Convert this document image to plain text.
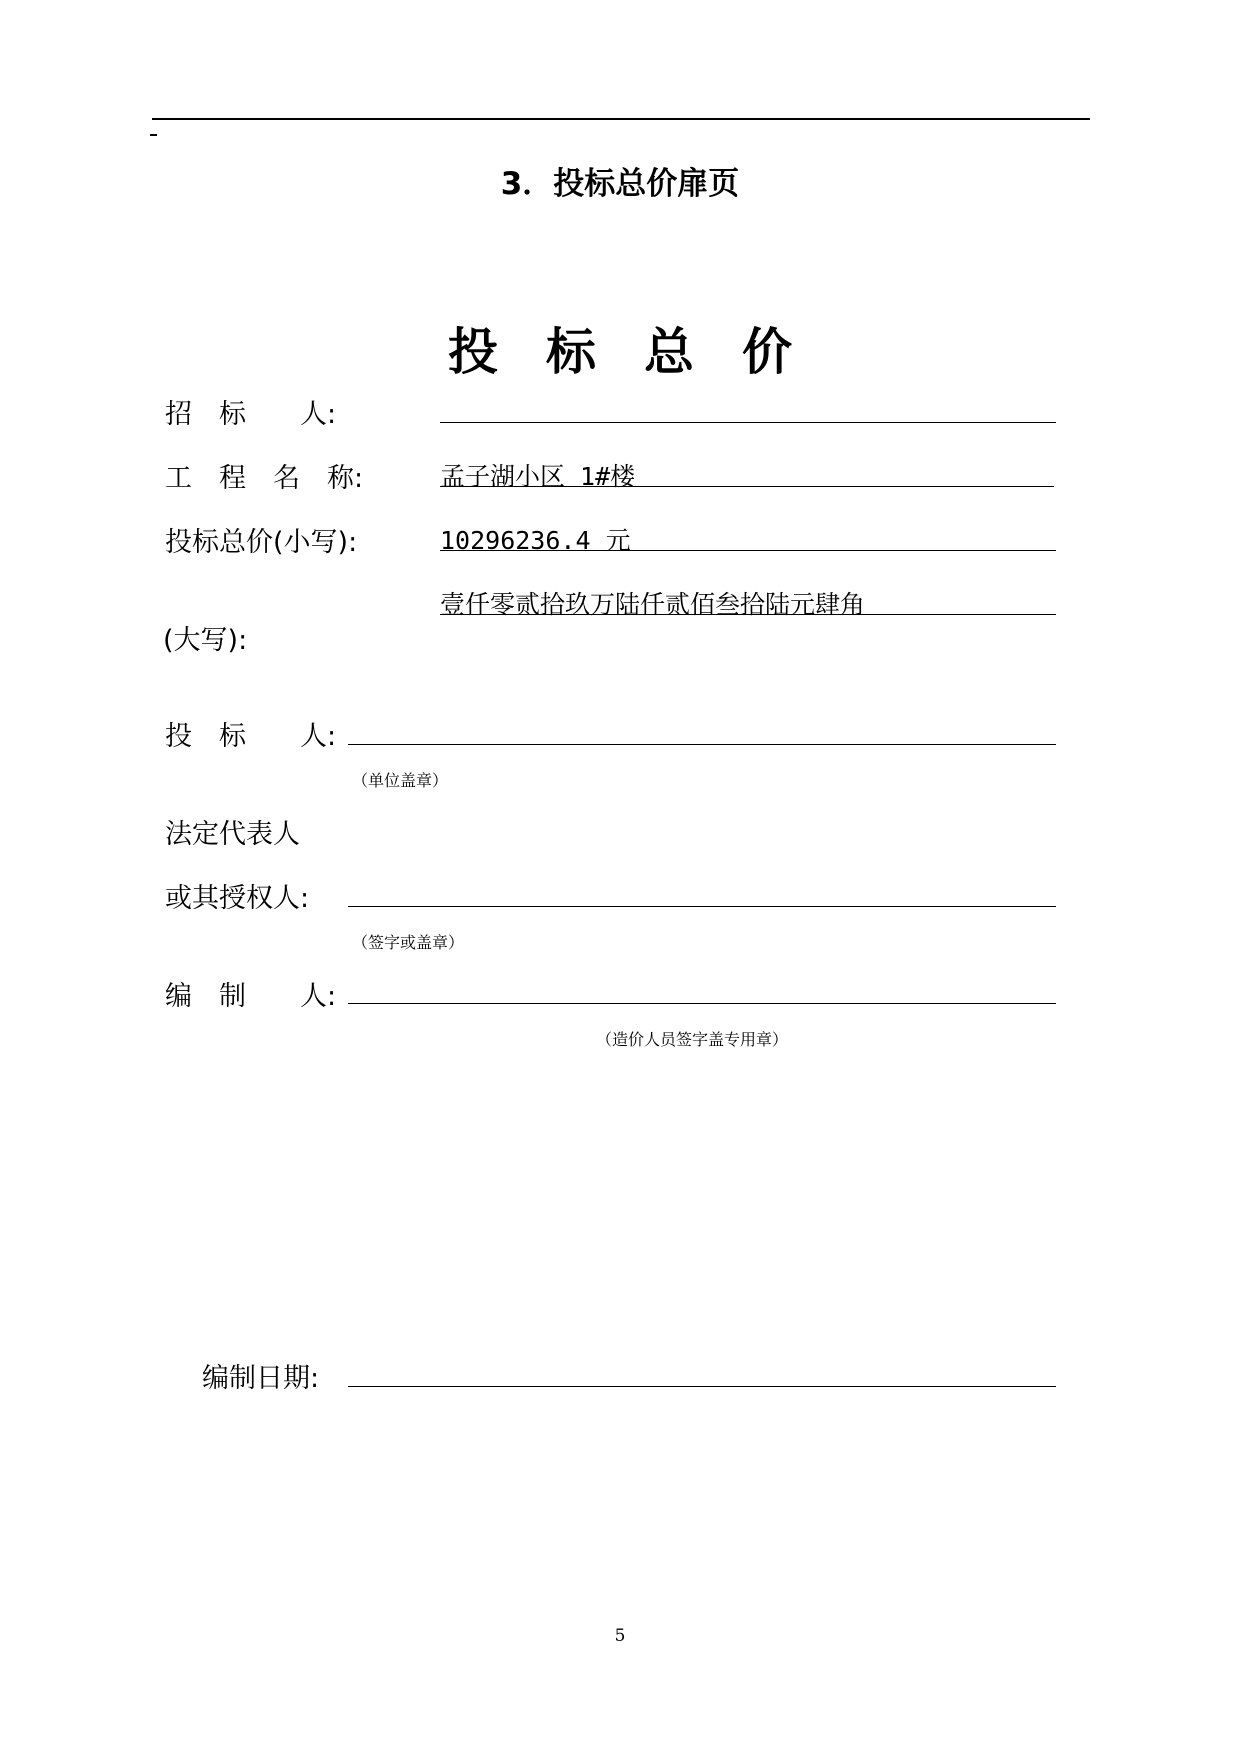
3．投标总价扉页
投标总价
招　标　　人:
工　程　名　称:	孟子湖小区 1#楼
投标总价(小写):	10296236.4 元
壹仟零贰拾玖万陆仟贰佰叁拾陆元肆角
(大写):
投　标　　人:
（单位盖章）
法定代表人
或其授权人:
（签字或盖章）
编　制　　人:
（造价人员签字盖专用章）
编制日期:
5
